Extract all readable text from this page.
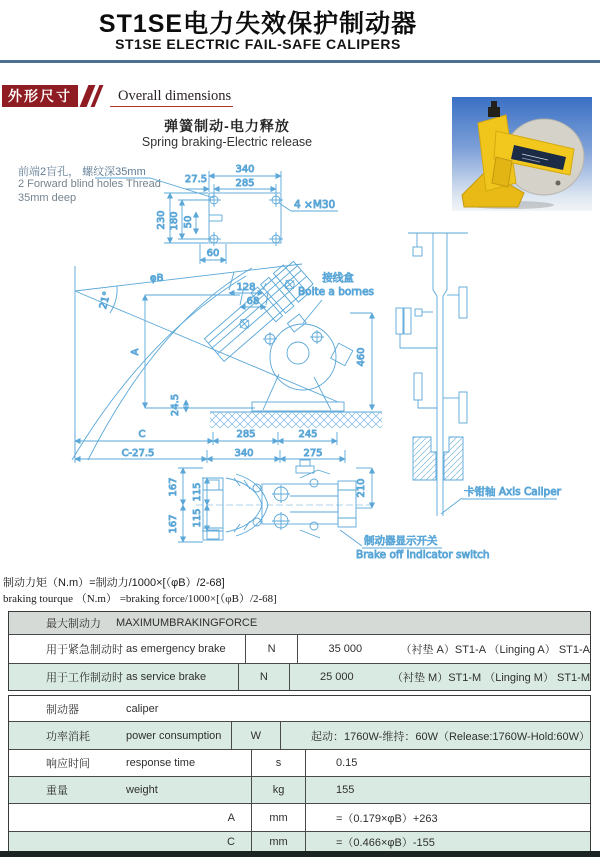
ST1SE电力失效保护制动器
ST1SE ELECTRIC FAIL-SAFE CALIPERS
外形尺寸	Overall dimensions
弹簧制动-电力释放
Spring braking-Electric release
前端2盲孔， 螺纹深35mm
2 Forward blind holes Thread
35mm deep
340
285
27.5
230 180 50
60
4 ×M30
φB
21°
128
68
A
24.5
460
接线盒
Boite a bornes
卡钳轴 Axis Caliper
C	285	245
C-27.5	340	275
167 115
115
167
210
制动器显示开关
Brake off indicator switch
制动力矩（N.m）=制动力/1000×[（φB）/2-68]
braking tourque （N.m） =braking force/1000×[（φB）/2-68]
最大制动力 MAXIMUMBRAKINGFORCE
用于紧急制动时 as emergency brake	N	35 000	（衬垫 A）ST1-A （Linging A） ST1-A
用于工作制动时 as service brake	N	25 000	（衬垫 M）ST1-M （Linging M） ST1-M
制动器	caliper
功率消耗	power consumption	W	起动：1760W-维持：60W（Release:1760W-Hold:60W）
响应时间	response time	s	0.15
重量	weight	kg	155
A	mm	=（0.179×φB）+263
C	mm	=（0.466×φB）-155
